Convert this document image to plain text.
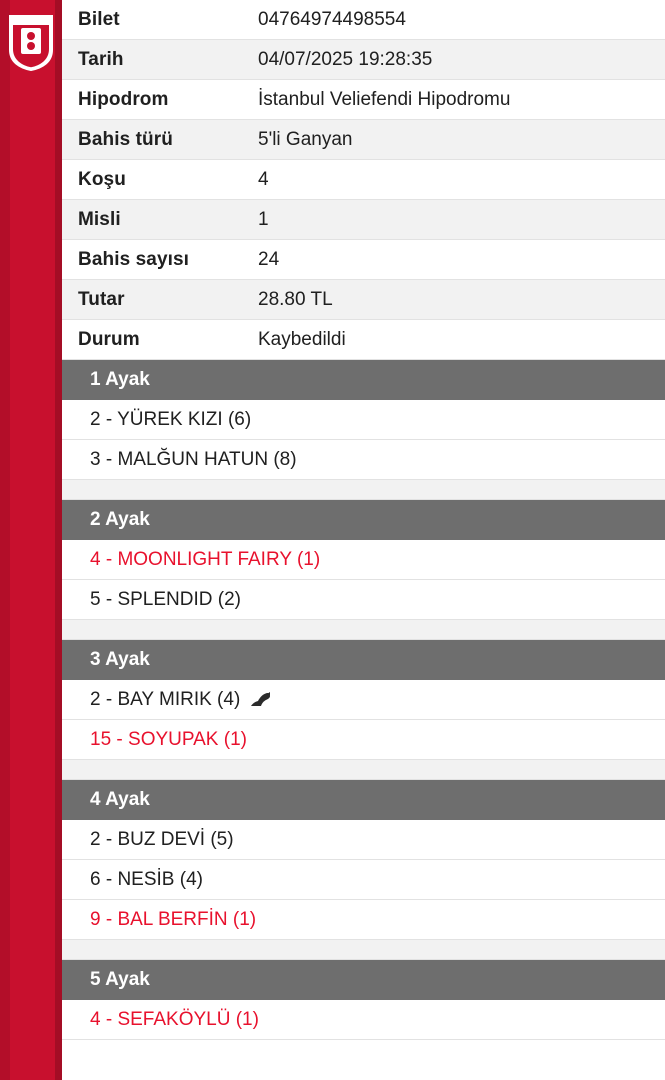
Bilet	04764974498554
Tarih	04/07/2025 19:28:35
Hipodrom	İstanbul Veliefendi Hipodromu
Bahis türü	5'li Ganyan
Koşu	4
Misli	1
Bahis sayısı	24
Tutar	28.80 TL
Durum	Kaybedildi
1 Ayak
2 - YÜREK KIZI (6)
3 - MALĞUN HATUN (8)
2 Ayak
4 - MOONLIGHT FAIRY (1)
5 - SPLENDID (2)
3 Ayak
2 - BAY MIRIK (4)
15 - SOYUPAK (1)
4 Ayak
2 - BUZ DEVİ (5)
6 - NESİB (4)
9 - BAL BERFİN (1)
5 Ayak
4 - SEFAKÖYLÜ (1)
